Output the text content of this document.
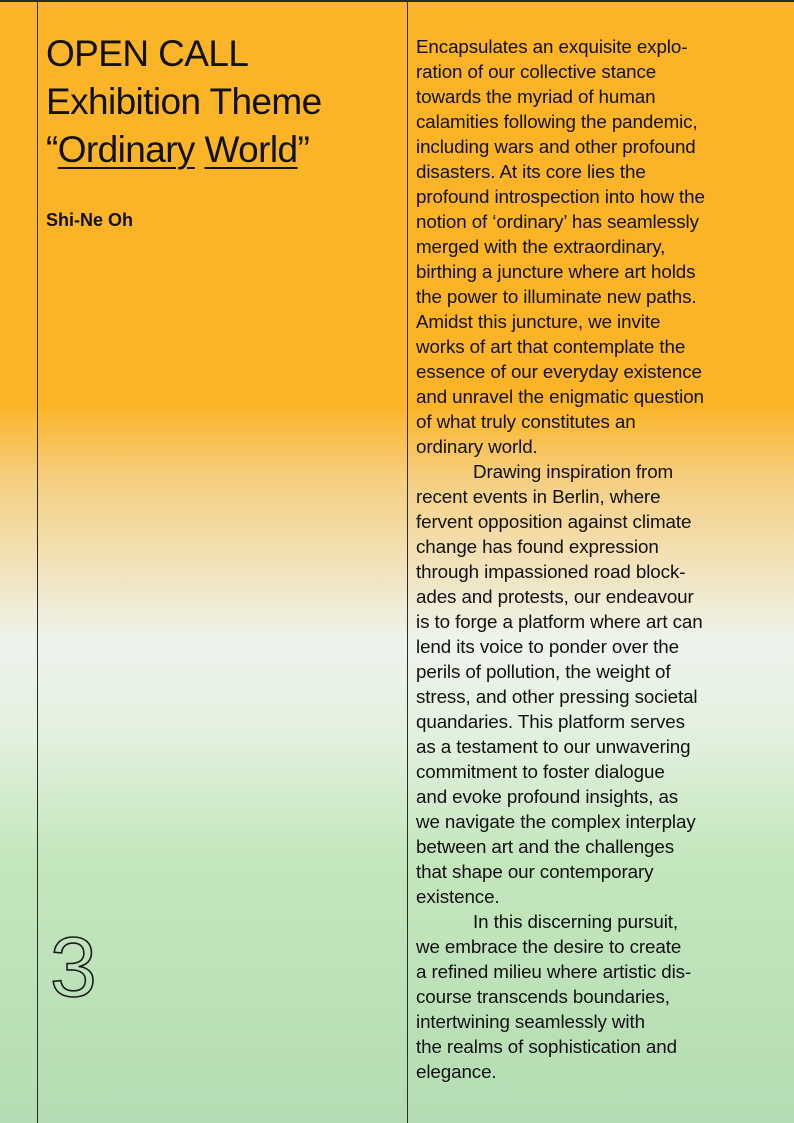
OPEN CALL
Exhibition Theme
“Ordinary World”
Shi-Ne Oh
3
Encapsulates an exquisite explo-
ration of our collective stance
towards the myriad of human
calamities following the pandemic,
including wars and other profound
disasters. At its core lies the
profound introspection into how the
notion of ‘ordinary’ has seamlessly
merged with the extraordinary,
birthing a juncture where art holds
the power to illuminate new paths.
Amidst this juncture, we invite
works of art that contemplate the
essence of our everyday existence
and unravel the enigmatic question
of what truly constitutes an
ordinary world.
Drawing inspiration from
recent events in Berlin, where
fervent opposition against climate
change has found expression
through impassioned road block-
ades and protests, our endeavour
is to forge a platform where art can
lend its voice to ponder over the
perils of pollution, the weight of
stress, and other pressing societal
quandaries. This platform serves
as a testament to our unwavering
commitment to foster dialogue
and evoke profound insights, as
we navigate the complex interplay
between art and the challenges
that shape our contemporary
existence.
In this discerning pursuit,
we embrace the desire to create
a refined milieu where artistic dis-
course transcends boundaries,
intertwining seamlessly with
the realms of sophistication and
elegance.
